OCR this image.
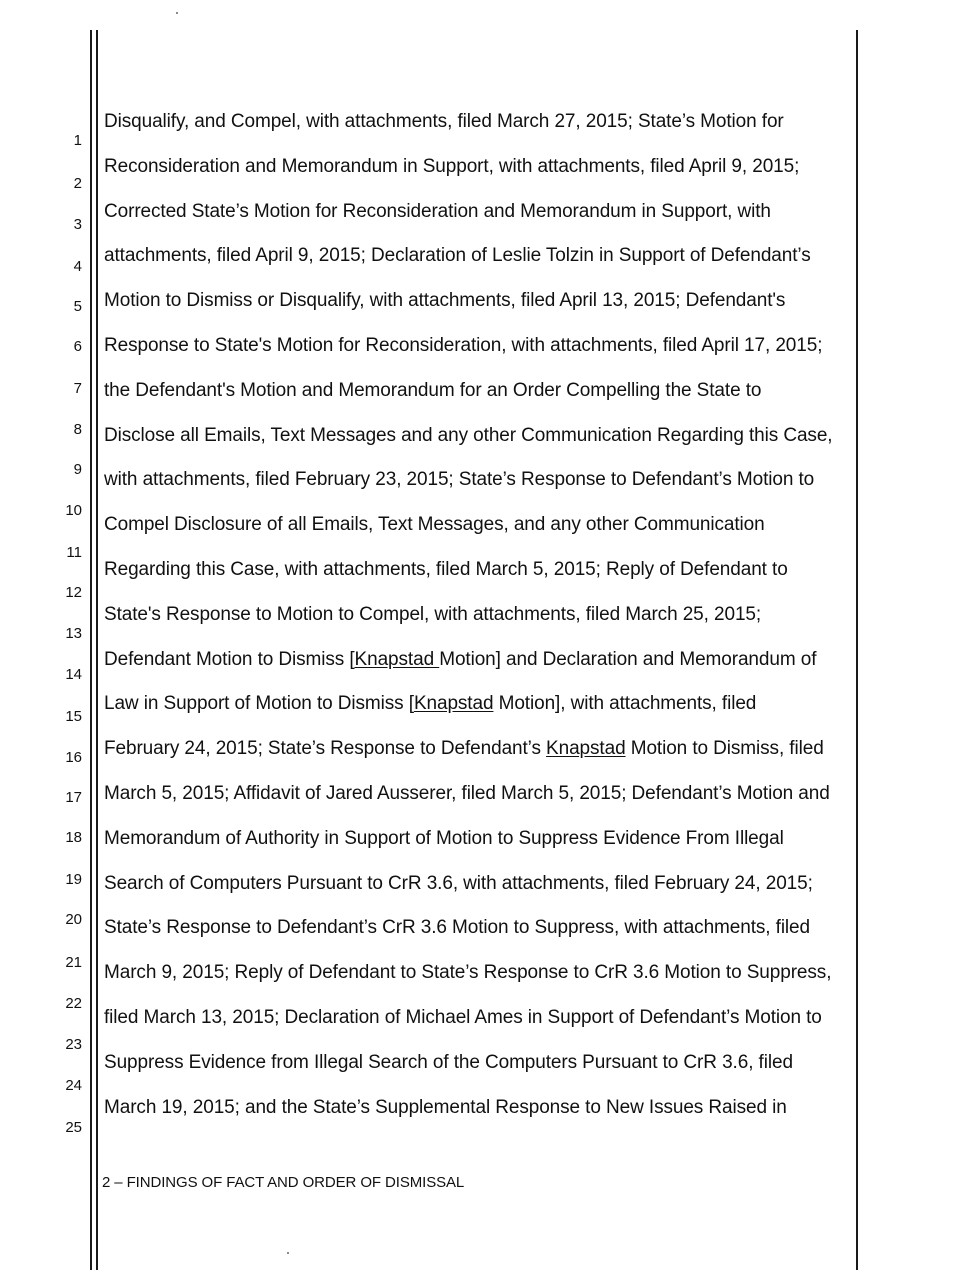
1
2
3
4
5
6
7
8
9
10
11
12
13
14
15
16
17
18
19
20
21
22
23
24
25
Disqualify, and Compel, with attachments, filed March 27, 2015; State’s Motion for
Reconsideration and Memorandum in Support, with attachments, filed April 9, 2015;
Corrected State’s Motion for Reconsideration and Memorandum in Support, with
attachments, filed April 9, 2015; Declaration of Leslie Tolzin in Support of Defendant’s
Motion to Dismiss or Disqualify, with attachments, filed April 13, 2015; Defendant's
Response to State's Motion for Reconsideration, with attachments, filed April 17, 2015;
the Defendant's Motion and Memorandum for an Order Compelling the State to
Disclose all Emails, Text Messages and any other Communication Regarding this Case,
with attachments, filed February 23, 2015; State’s Response to Defendant’s Motion to
Compel Disclosure of all Emails, Text Messages, and any other Communication
Regarding this Case, with attachments, filed March 5, 2015; Reply of Defendant to
State's Response to Motion to Compel, with attachments, filed March 25, 2015;
Defendant Motion to Dismiss [Knapstad Motion] and Declaration and Memorandum of
Law in Support of Motion to Dismiss [Knapstad Motion], with attachments, filed
February 24, 2015; State’s Response to Defendant’s Knapstad Motion to Dismiss, filed
March 5, 2015; Affidavit of Jared Ausserer, filed March 5, 2015; Defendant’s Motion and
Memorandum of Authority in Support of Motion to Suppress Evidence From Illegal
Search of Computers Pursuant to CrR 3.6, with attachments, filed February 24, 2015;
State’s Response to Defendant’s CrR 3.6 Motion to Suppress, with attachments, filed
March 9, 2015; Reply of Defendant to State’s Response to CrR 3.6 Motion to Suppress,
filed March 13, 2015; Declaration of Michael Ames in Support of Defendant’s Motion to
Suppress Evidence from Illegal Search of the Computers Pursuant to CrR 3.6, filed
March 19, 2015; and the State’s Supplemental Response to New Issues Raised in
2 – FINDINGS OF FACT AND ORDER OF DISMISSAL
